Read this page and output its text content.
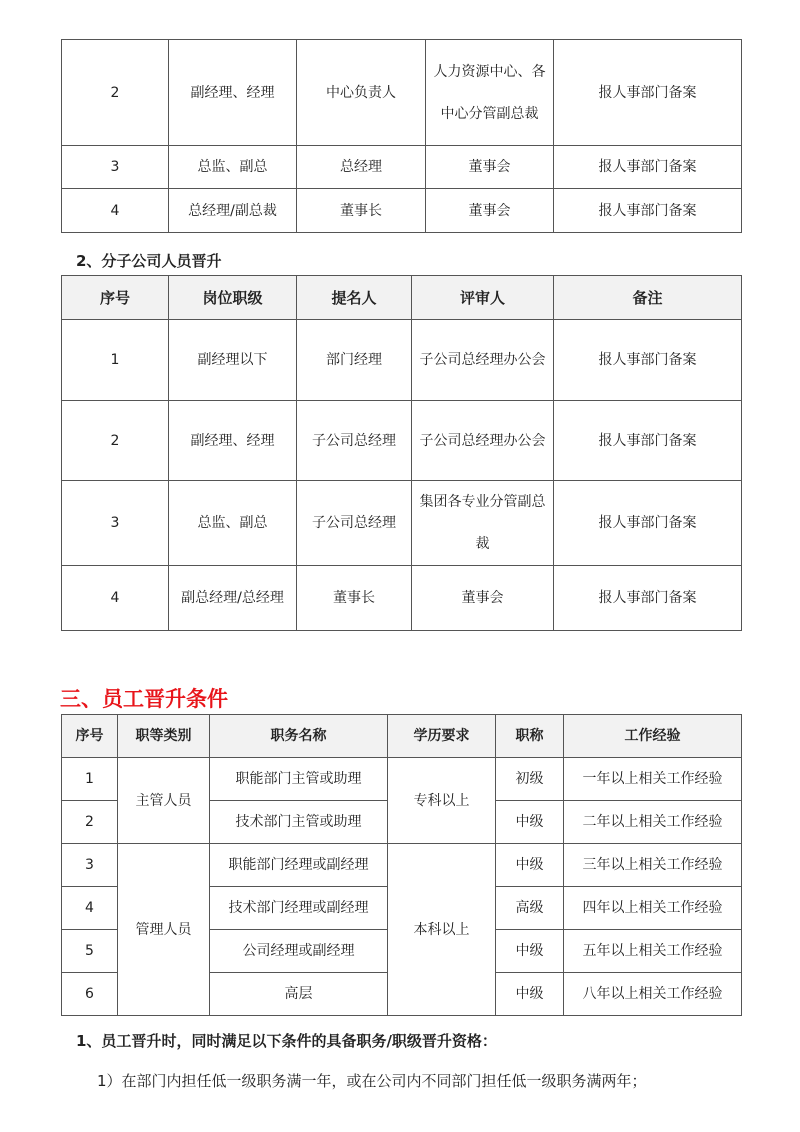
2	副经理、经理	中心负责人	人力资源中心、各中心分管副总裁	报人事部门备案
3	总监、副总	总经理	董事会	报人事部门备案
4	总经理/副总裁	董事长	董事会	报人事部门备案
2、分子公司人员晋升
序号	岗位职级	提名人	评审人	备注
1	副经理以下	部门经理	子公司总经理办公会	报人事部门备案
2	副经理、经理	子公司总经理	子公司总经理办公会	报人事部门备案
3	总监、副总	子公司总经理	集团各专业分管副总裁	报人事部门备案
4	副总经理/总经理	董事长	董事会	报人事部门备案
三、员工晋升条件
序号	职等类别	职务名称	学历要求	职称	工作经验
1	主管人员	职能部门主管或助理	专科以上	初级	一年以上相关工作经验
2		技术部门主管或助理		中级	二年以上相关工作经验
3	管理人员	职能部门经理或副经理	本科以上	中级	三年以上相关工作经验
4		技术部门经理或副经理		高级	四年以上相关工作经验
5		公司经理或副经理		中级	五年以上相关工作经验
6		高层		中级	八年以上相关工作经验
1、员工晋升时，同时满足以下条件的具备职务/职级晋升资格：
1）在部门内担任低一级职务满一年，或在公司内不同部门担任低一级职务满两年；
